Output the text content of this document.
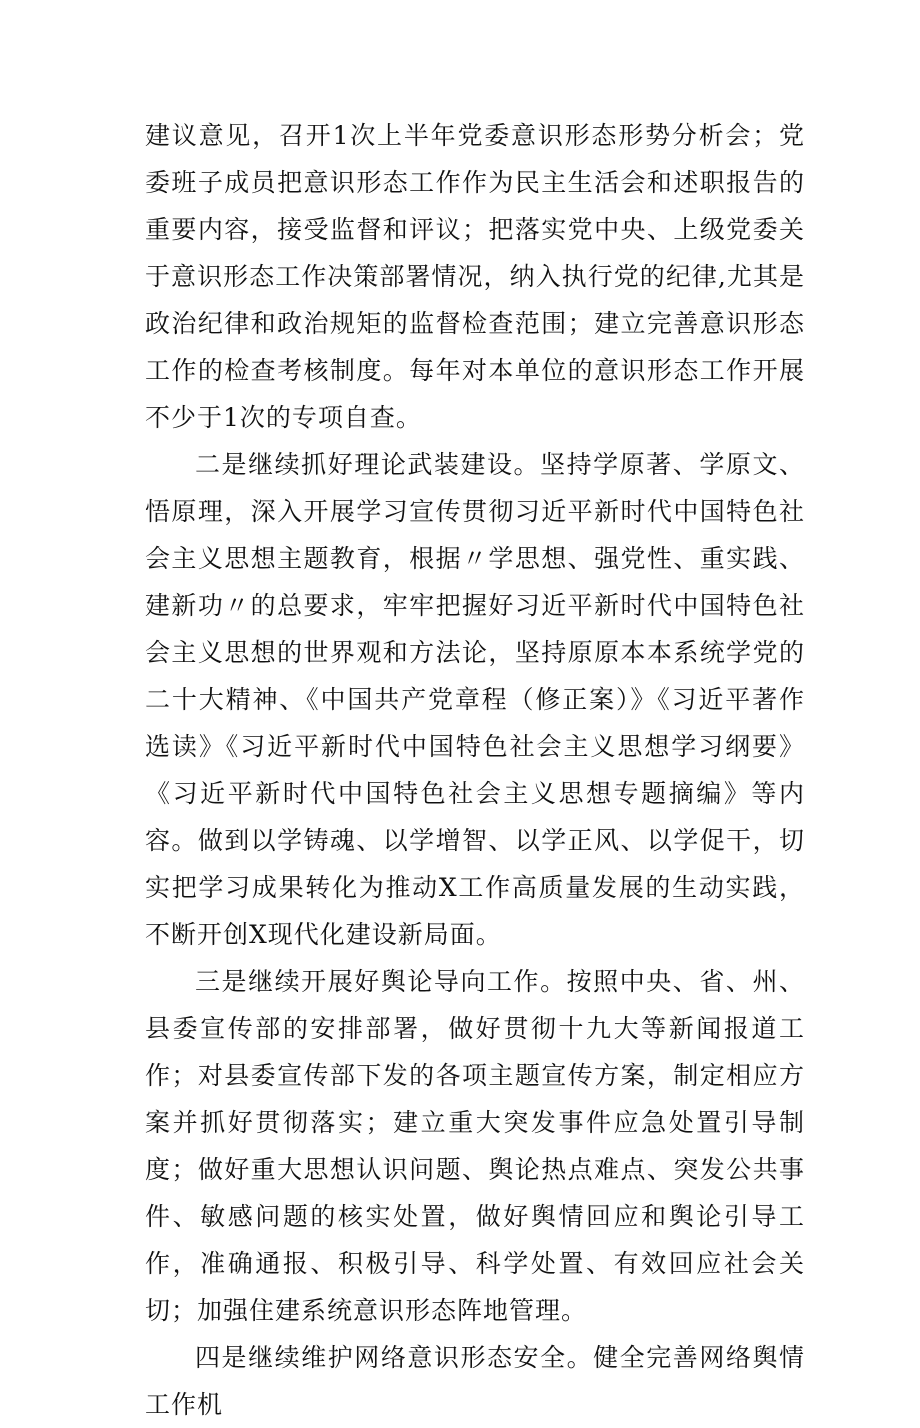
建议意见，召开1次上半年党委意识形态形势分析会；党委班子成员把意识形态工作作为民主生活会和述职报告的重要内容，接受监督和评议；把落实党中央、上级党委关于意识形态工作决策部署情况，纳入执行党的纪律,尤其是政治纪律和政治规矩的监督检查范围；建立完善意识形态工作的检查考核制度。每年对本单位的意识形态工作开展不少于1次的专项自查。

二是继续抓好理论武装建设。坚持学原著、学原文、悟原理，深入开展学习宣传贯彻习近平新时代中国特色社会主义思想主题教育，根据〃学思想、强党性、重实践、建新功〃的总要求，牢牢把握好习近平新时代中国特色社会主义思想的世界观和方法论，坚持原原本本系统学党的二十大精神、《中国共产党章程（修正案）》《习近平著作选读》《习近平新时代中国特色社会主义思想学习纲要》《习近平新时代中国特色社会主义思想专题摘编》等内容。做到以学铸魂、以学增智、以学正风、以学促干，切实把学习成果转化为推动X工作高质量发展的生动实践，不断开创X现代化建设新局面。

三是继续开展好舆论导向工作。按照中央、省、州、县委宣传部的安排部署，做好贯彻十九大等新闻报道工作；对县委宣传部下发的各项主题宣传方案，制定相应方案并抓好贯彻落实；建立重大突发事件应急处置引导制度；做好重大思想认识问题、舆论热点难点、突发公共事件、敏感问题的核实处置，做好舆情回应和舆论引导工作，准确通报、积极引导、科学处置、有效回应社会关切；加强住建系统意识形态阵地管理。

四是继续维护网络意识形态安全。健全完善网络舆情工作机
